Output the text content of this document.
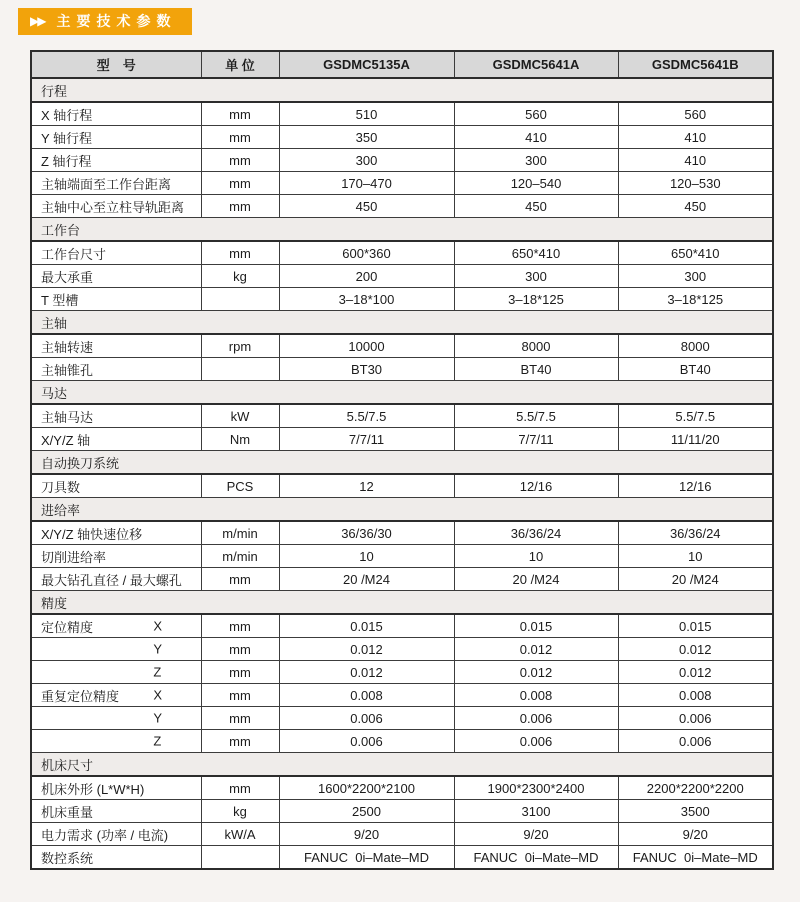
▶▶ 主要技术参数
型　号	单 位	GSDMC5135A	GSDMC5641A	GSDMC5641B
行程				
X 轴行程	mm	510	560	560
Y 轴行程	mm	350	410	410
Z 轴行程	mm	300	300	410
主轴端面至工作台距离	mm	170–470	120–540	120–530
主轴中心至立柱导轨距离	mm	450	450	450
工作台				
工作台尺寸	mm	600*360	650*410	650*410
最大承重	kg	200	300	300
T 型槽		3–18*100	3–18*125	3–18*125
主轴				
主轴转速	rpm	10000	8000	8000
主轴锥孔		BT30	BT40	BT40
马达				
主轴马达	kW	5.5/7.5	5.5/7.5	5.5/7.5
X/Y/Z 轴	Nm	7/7/11	7/7/11	11/11/20
自动换刀系统				
刀具数	PCS	12	12/16	12/16
进给率				
X/Y/Z 轴快速位移	m/min	36/36/30	36/36/24	36/36/24
切削进给率	m/min	10	10	10
最大钻孔直径 / 最大螺孔	mm	20 /M24	20 /M24	20 /M24
精度				
定位精度 X	mm	0.015	0.015	0.015

Y	mm	0.012	0.012	0.012

Z	mm	0.012	0.012	0.012
重复定位精度 X	mm	0.008	0.008	0.008

Y	mm	0.006	0.006	0.006

Z	mm	0.006	0.006	0.006
机床尺寸				
机床外形 (L*W*H)	mm	1600*2200*2100	1900*2300*2400	2200*2200*2200
机床重量	kg	2500	3100	3500
电力需求 (功率 / 电流)	kW/A	9/20	9/20	9/20
数控系统		FANUC  0i–Mate–MD	FANUC  0i–Mate–MD	FANUC  0i–Mate–MD
